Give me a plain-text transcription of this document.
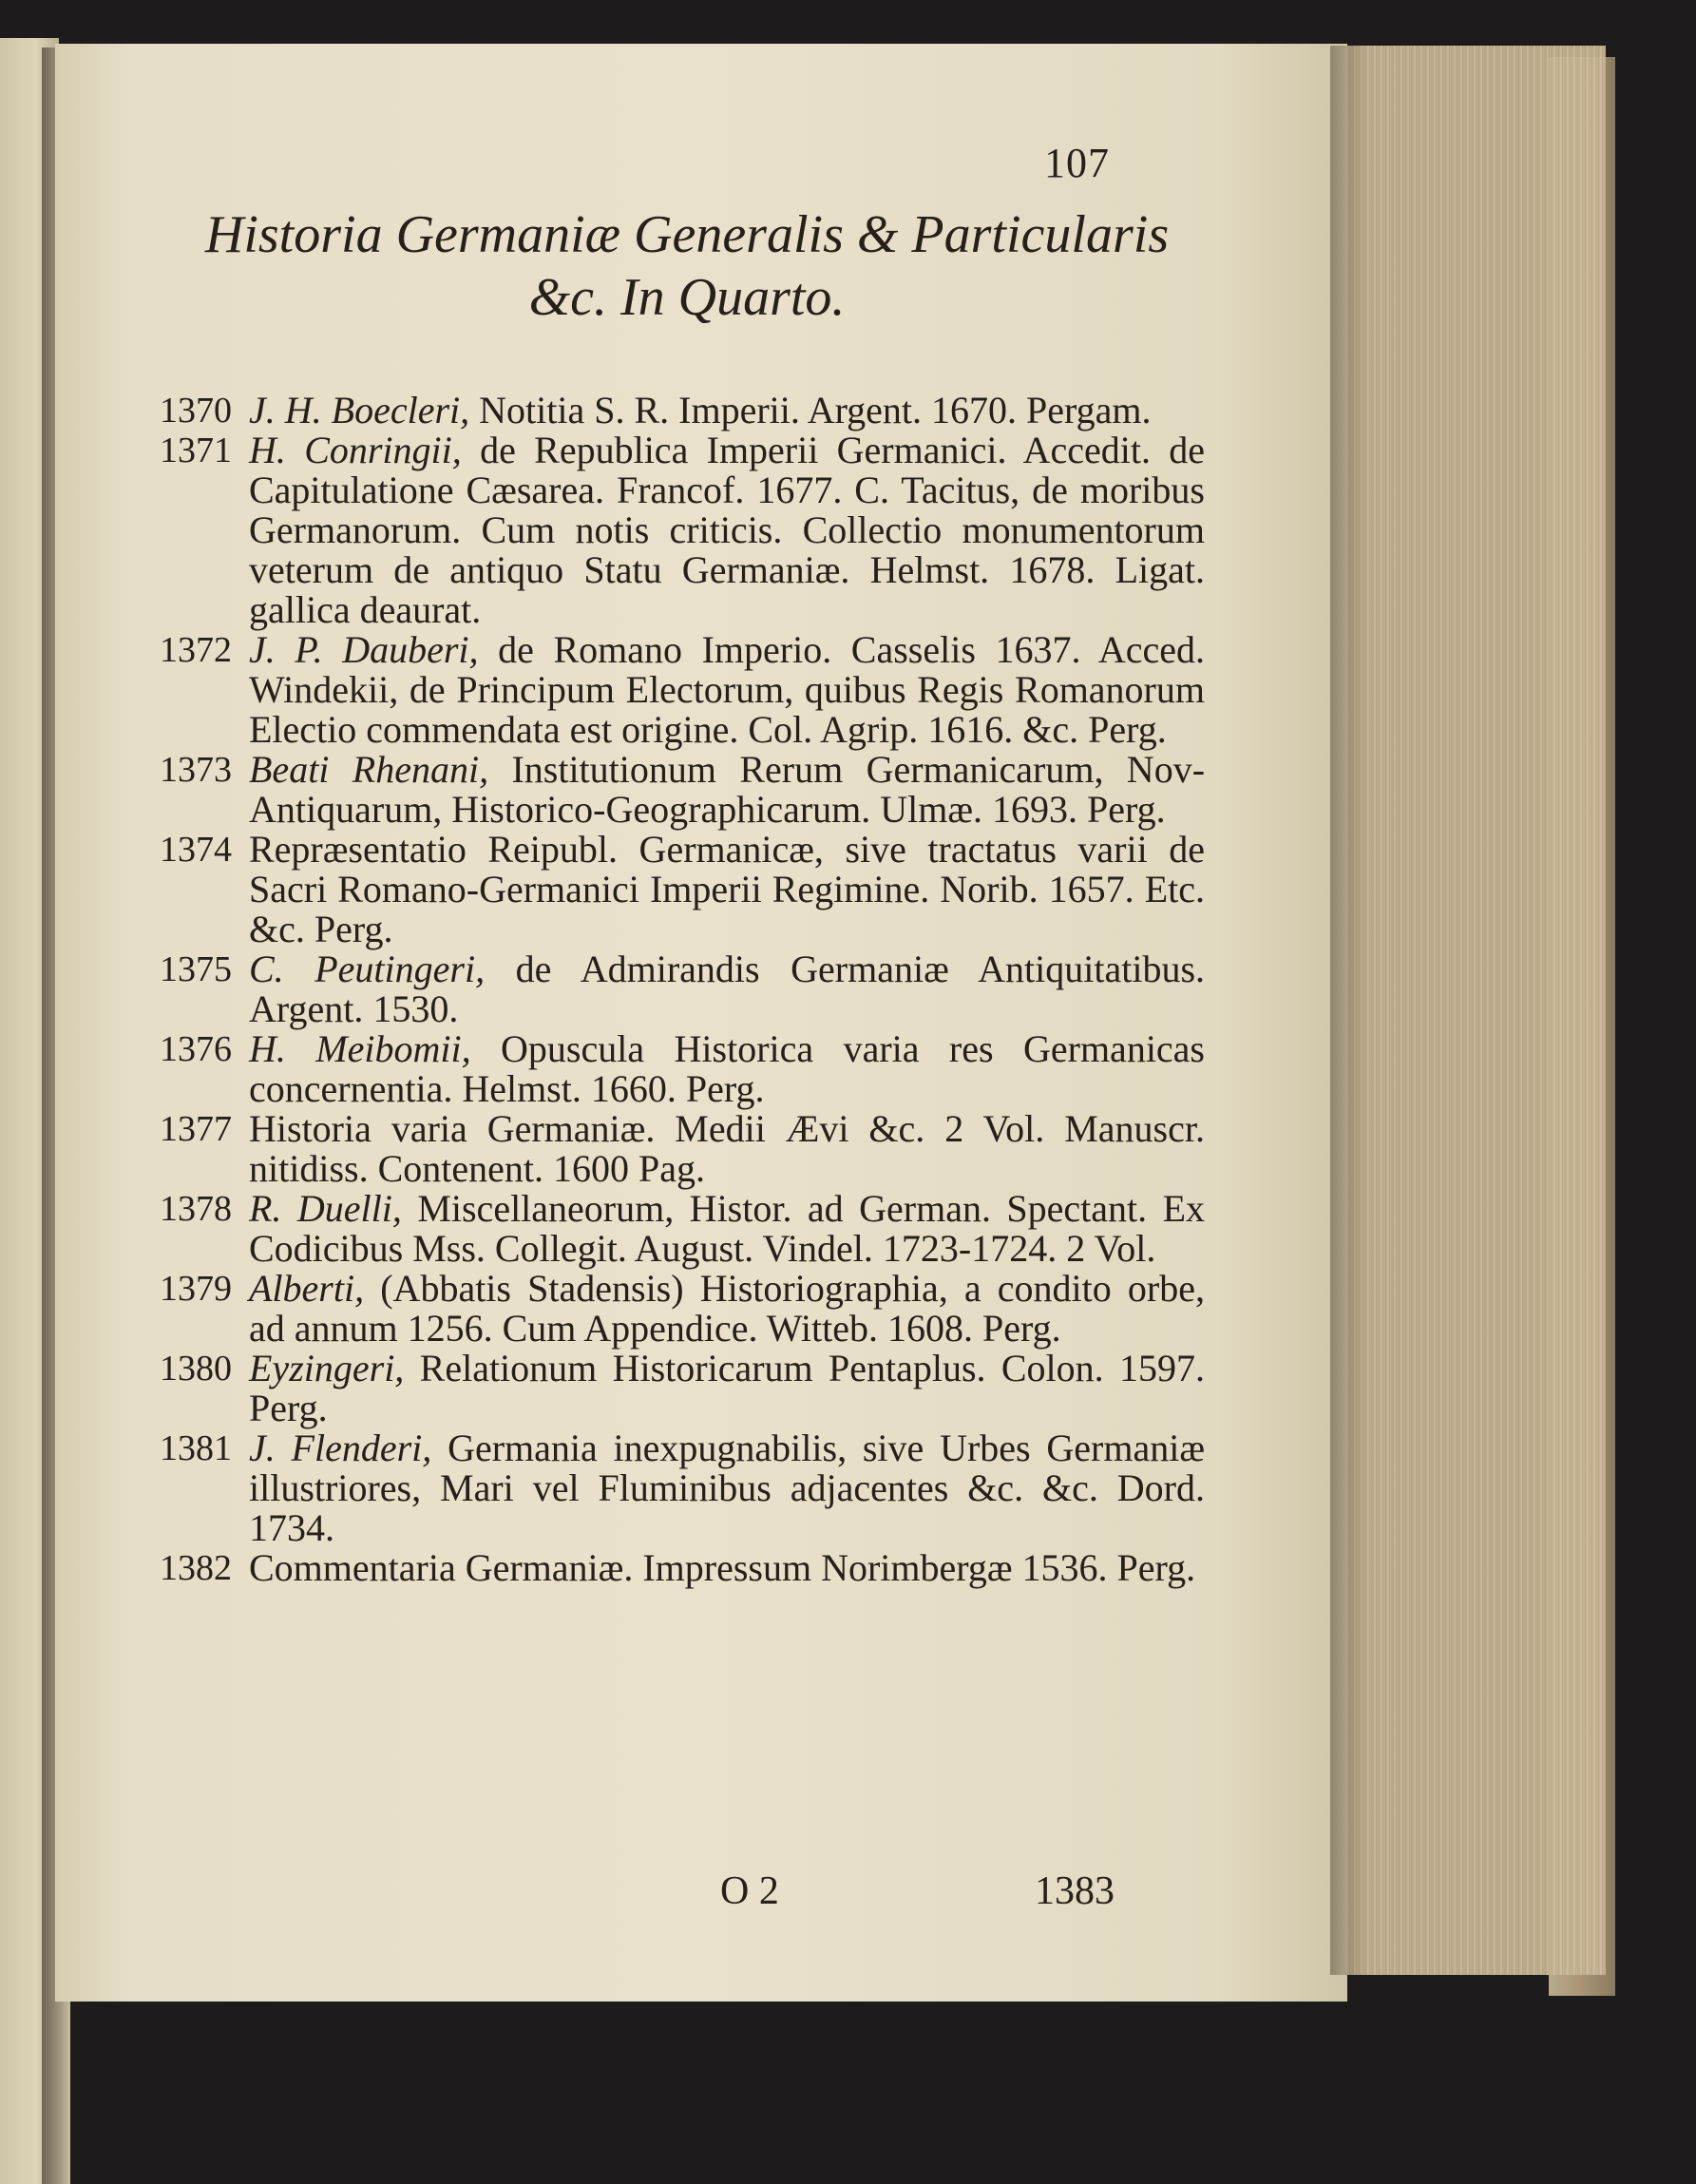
107
Historia Germaniæ Generalis & Particularis &c. In Quarto.
1370 J. H. Boecleri, Notitia S. R. Imperii. Argent. 1670. Pergam.
1371 H. Conringii, de Republica Imperii Germanici. Accedit. de Capitulatione Cæsarea. Francof. 1677. C. Tacitus, de moribus Germanorum. Cum notis criticis. Collectio monumentorum veterum de antiquo Statu Germaniæ. Helmst. 1678. Ligat. gallica deaurat.
1372 J. P. Dauberi, de Romano Imperio. Casselis 1637. Acced. Windekii, de Principum Electorum, quibus Regis Romanorum Electio commendata est origine. Col. Agrip. 1616. &c. Perg.
1373 Beati Rhenani, Institutionum Rerum Germanicarum, Nov-Antiquarum, Historico-Geographicarum. Ulmæ. 1693. Perg.
1374 Repræsentatio Reipubl. Germanicæ, sive tractatus varii de Sacri Romano-Germanici Imperii Regimine. Norib. 1657. Etc. &c. Perg.
1375 C. Peutingeri, de Admirandis Germaniæ Antiquitatibus. Argent. 1530.
1376 H. Meibomii, Opuscula Historica varia res Germanicas concernentia. Helmst. 1660. Perg.
1377 Historia varia Germaniæ. Medii Ævi &c. 2 Vol. Manuscr. nitidiss. Contenent. 1600 Pag.
1378 R. Duelli, Miscellaneorum, Histor. ad German. Spectant. Ex Codicibus Mss. Collegit. August. Vindel. 1723-1724. 2 Vol.
1379 Alberti, (Abbatis Stadensis) Historiographia, a condito orbe, ad annum 1256. Cum Appendice. Witteb. 1608. Perg.
1380 Eyzingeri, Relationum Historicarum Pentaplus. Colon. 1597. Perg.
1381 J. Flenderi, Germania inexpugnabilis, sive Urbes Germaniæ illustriores, Mari vel Fluminibus adjacentes &c. &c. Dord. 1734.
1382 Commentaria Germaniæ. Impressum Norimbergæ 1536. Perg.
O 2	1383
